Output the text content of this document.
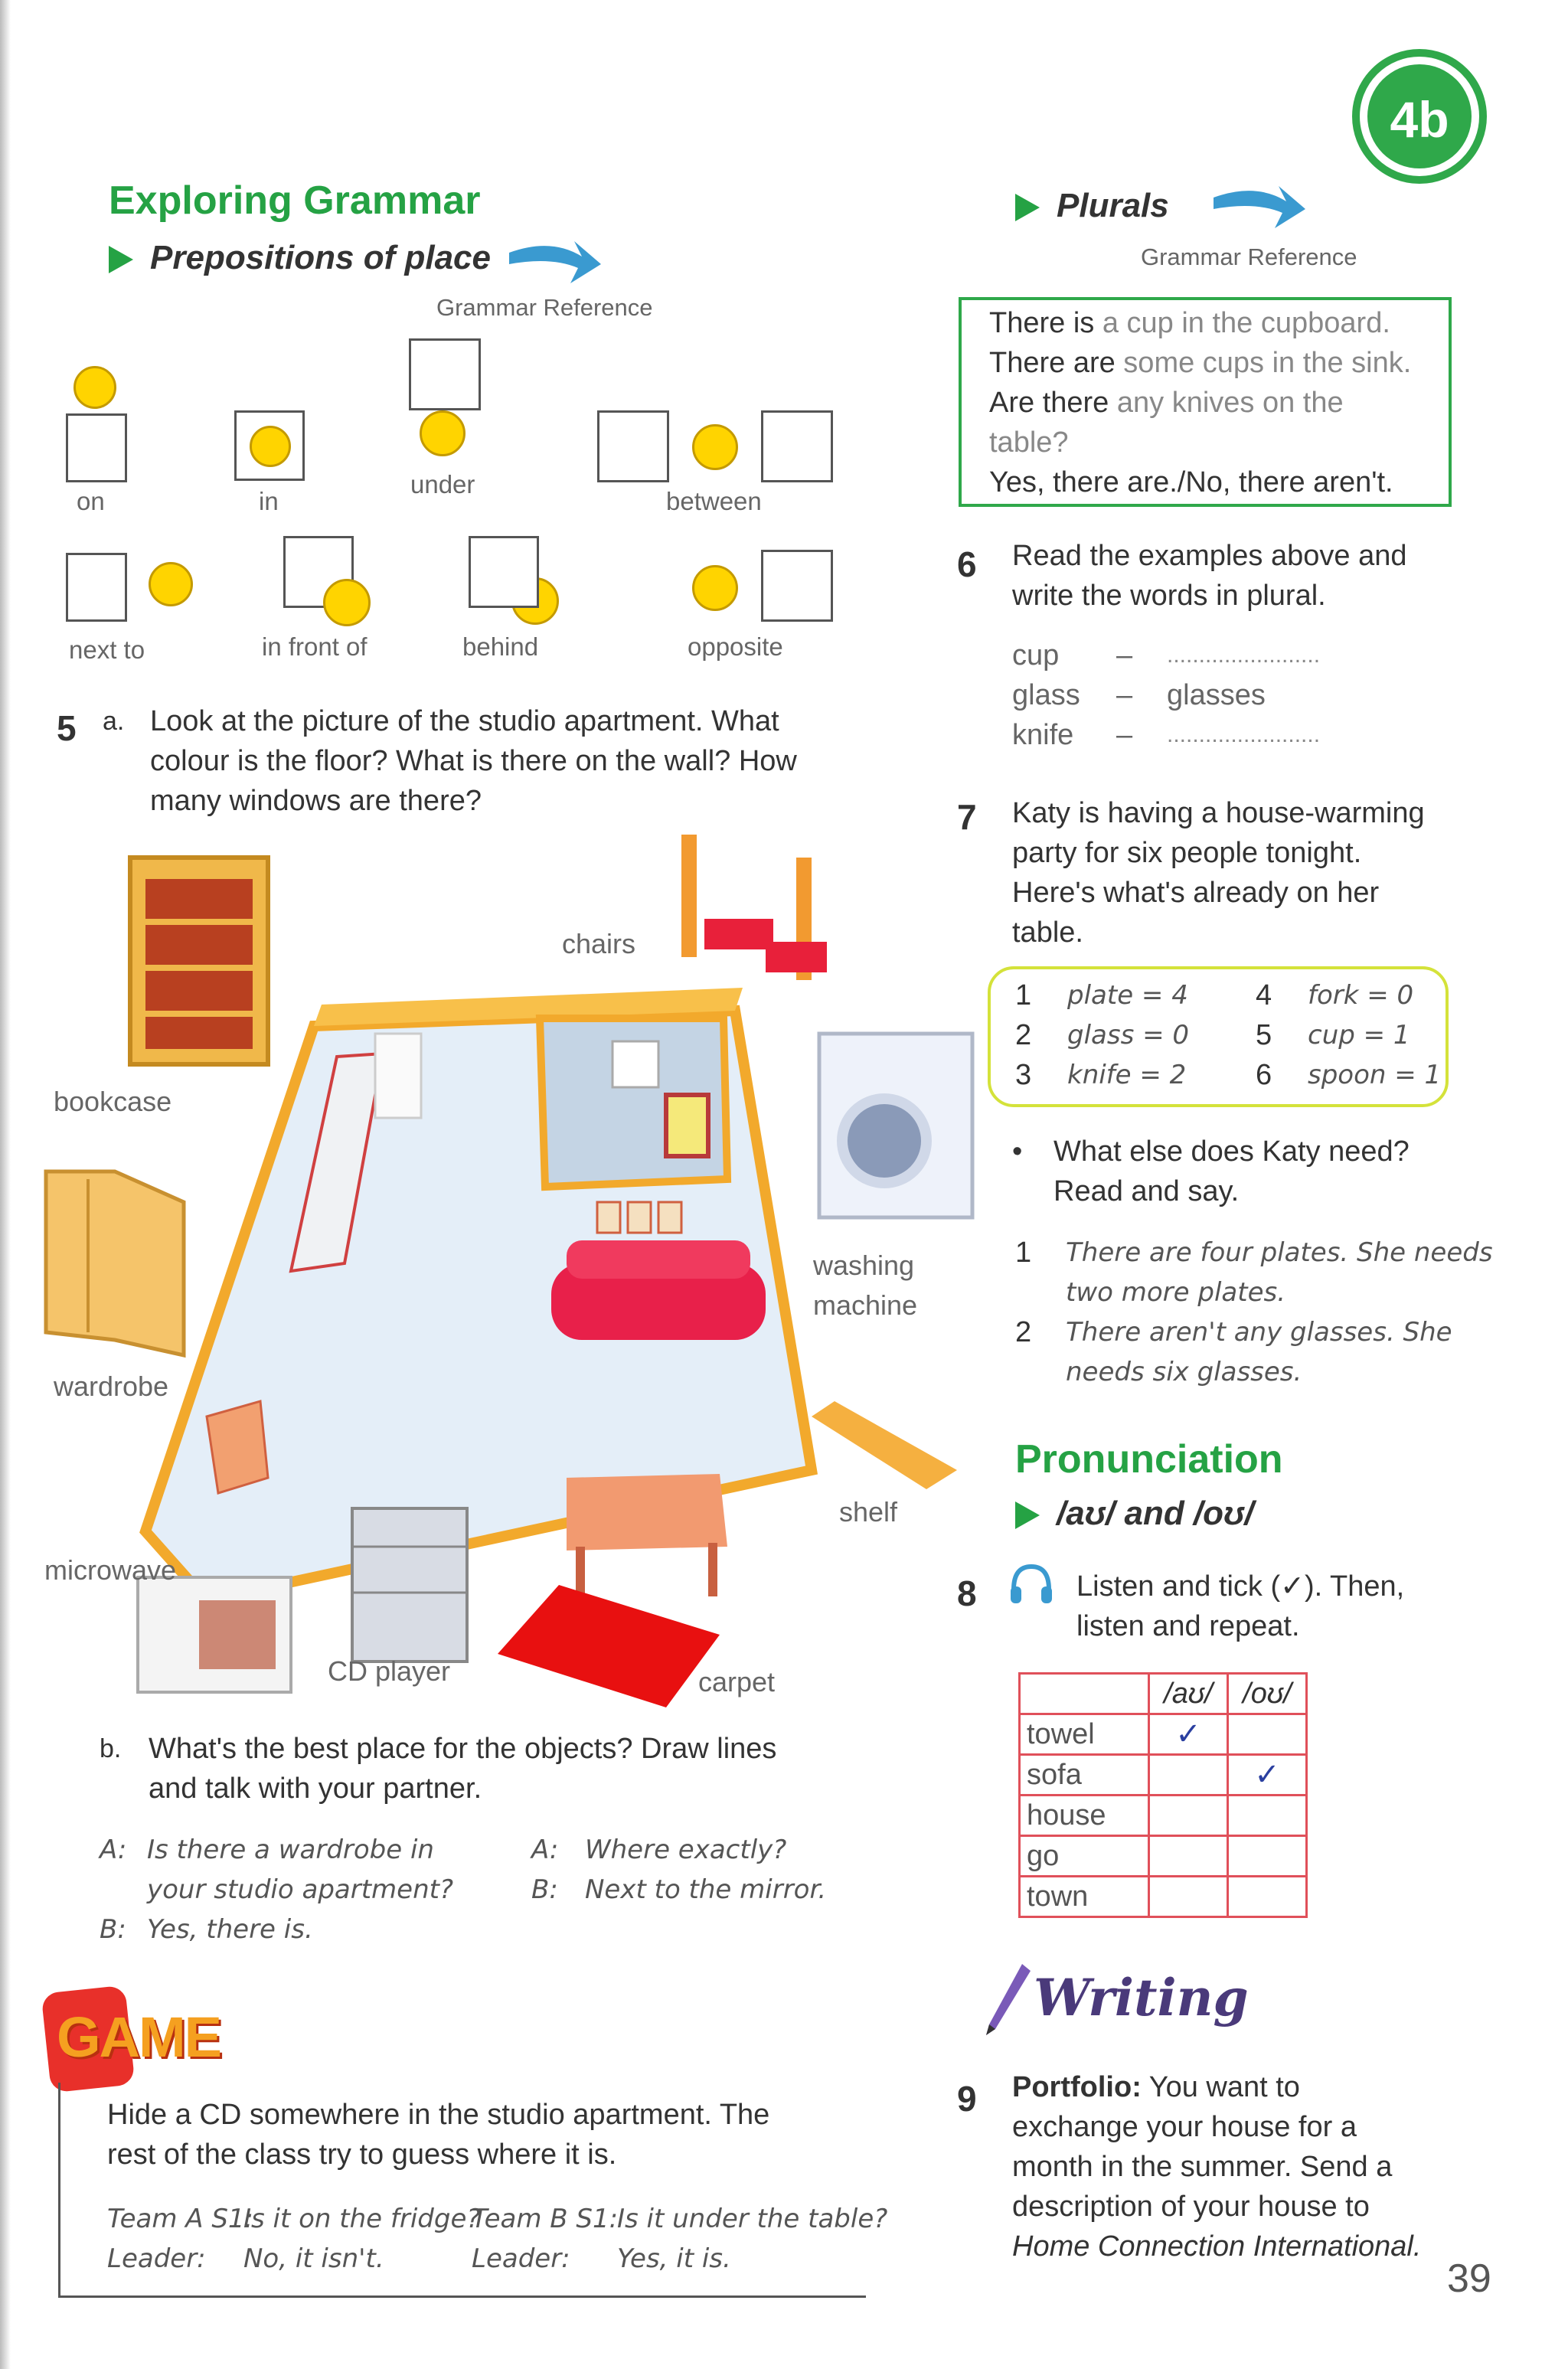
4b
Exploring Grammar
Prepositions of place
Grammar Reference
on	in
under
between
next to	in front of	behind	opposite
5 a. Look at the picture of the studio apartment. What
colour is the floor? What is there on the wall? How
many windows are there?
chairs
bookcase
wardrobe
microwave
CD player	carpet
shelf
washing
machine
b. What's the best place for the objects? Draw lines
and talk with your partner.
A: Is there a wardrobe in
your studio apartment?
B: Yes, there is.
A: Where exactly?
B: Next to the mirror.
GAME
Hide a CD somewhere in the studio apartment. The
rest of the class try to guess where it is.
Team A S1:
Is it on the fridge?
Leader: No, it isn't.
Team B S1:
Is it under the table?
Leader: Yes, it is.
Plurals
Grammar Reference
There is a cup in the cupboard.
There are some cups in the sink.
Are there any knives on the
table?
Yes, there are./No, there aren't.
6 Read the examples above and
write the words in plural.
cup – ........................
glass – glasses
knife – ........................
7 Katy is having a house-warming
party for six people tonight.
Here's what's already on her
table.
1 plate = 4 4 fork = 0
2 glass = 0 5 cup = 1
3 knife = 2 6 spoon = 1
• What else does Katy need?
Read and say.
1 There are four plates. She needs
two more plates.
2 There aren't any glasses. She
needs six glasses.
Pronunciation
/aʊ/ and /oʊ/
8	Listen and tick (✓). Then,
listen and repeat.
	/aʊ/	/oʊ/
towel	✓	
sofa		✓
house		
go		
town		
Writing
9 Portfolio: You want to
exchange your house for a
month in the summer. Send a
description of your house to
Home Connection International.
39
